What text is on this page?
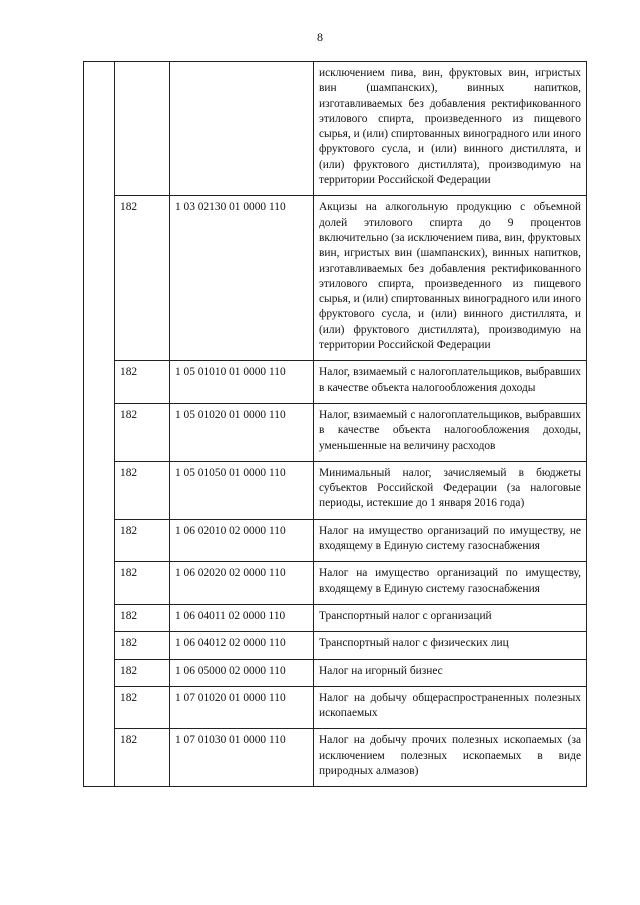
8
			исключением пива, вин, фруктовых вин, игристых вин (шампанских), винных напитков, изготавливаемых без добавления ректификованного этилового спирта, произведенного из пищевого сырья, и (или) спиртованных виноградного или иного фруктового сусла, и (или) винного дистиллята, и (или) фруктового дистиллята), производимую на территории Российской Федерации
	182	1 03 02130 01 0000 110	Акцизы на алкогольную продукцию с объемной долей этилового спирта до 9 процентов включительно (за исключением пива, вин, фруктовых вин, игристых вин (шампанских), винных напитков, изготавливаемых без добавления ректификованного этилового спирта, произведенного из пищевого сырья, и (или) спиртованных виноградного или иного фруктового сусла, и (или) винного дистиллята, и (или) фруктового дистиллята), производимую на территории Российской Федерации
	182	1 05 01010 01 0000 110	Налог, взимаемый с налогоплательщиков, выбравших в качестве объекта налогообложения доходы
	182	1 05 01020 01 0000 110	Налог, взимаемый с налогоплательщиков, выбравших в качестве объекта налогообложения доходы, уменьшенные на величину расходов
	182	1 05 01050 01 0000 110	Минимальный налог, зачисляемый в бюджеты субъектов Российской Федерации (за налоговые периоды, истекшие до 1 января 2016 года)
	182	1 06 02010 02 0000 110	Налог на имущество организаций по имуществу, не входящему в Единую систему газоснабжения
	182	1 06 02020 02 0000 110	Налог на имущество организаций по имуществу, входящему в Единую систему газоснабжения
	182	1 06 04011 02 0000 110	Транспортный налог с организаций
	182	1 06 04012 02 0000 110	Транспортный налог с физических лиц
	182	1 06 05000 02 0000 110	Налог на игорный бизнес
	182	1 07 01020 01 0000 110	Налог на добычу общераспространенных полезных ископаемых
	182	1 07 01030 01 0000 110	Налог на добычу прочих полезных ископаемых (за исключением полезных ископаемых в виде природных алмазов)
